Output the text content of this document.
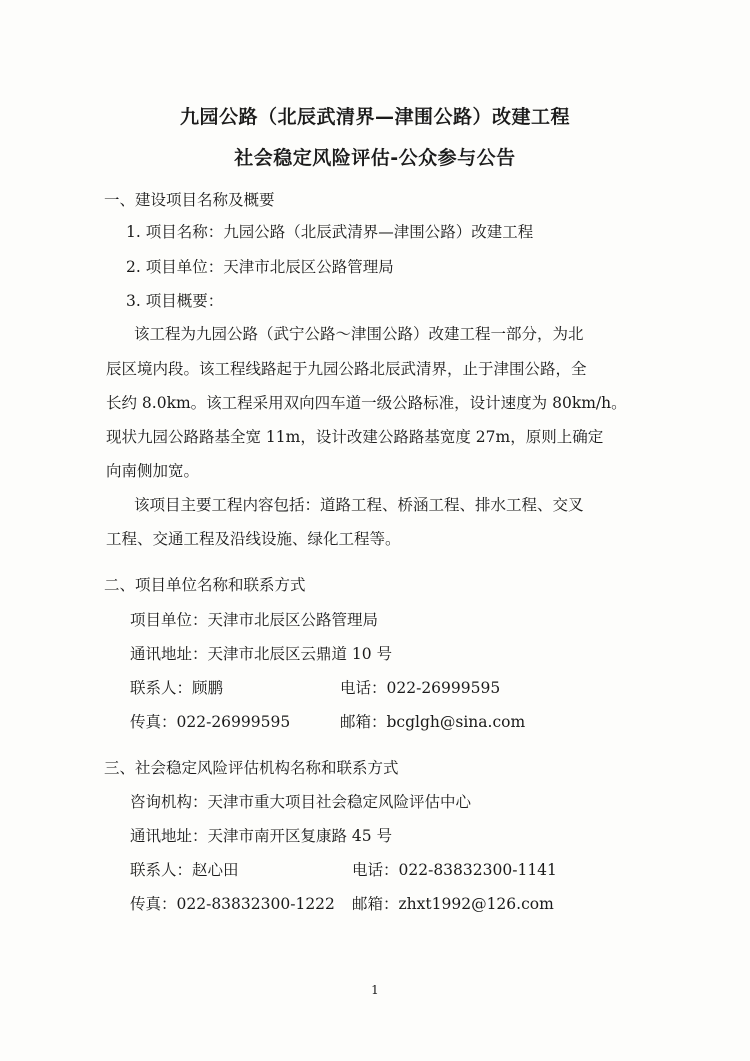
九园公路（北辰武清界—津围公路）改建工程
社会稳定风险评估-公众参与公告
一、建设项目名称及概要
1. 项目名称：九园公路（北辰武清界—津围公路）改建工程
2. 项目单位：天津市北辰区公路管理局
3. 项目概要：
该工程为九园公路（武宁公路～津围公路）改建工程一部分，为北
辰区境内段。该工程线路起于九园公路北辰武清界，止于津围公路，全
长约 8.0km。该工程采用双向四车道一级公路标准，设计速度为 80km/h。
现状九园公路路基全宽 11m，设计改建公路路基宽度 27m，原则上确定
向南侧加宽。
该项目主要工程内容包括：道路工程、桥涵工程、排水工程、交叉
工程、交通工程及沿线设施、绿化工程等。
二、项目单位名称和联系方式
项目单位：天津市北辰区公路管理局
通讯地址：天津市北辰区云鼎道 10 号
联系人：顾鹏	电话：022-26999595
传真：022-26999595	邮箱：bcglgh@sina.com
三、社会稳定风险评估机构名称和联系方式
咨询机构：天津市重大项目社会稳定风险评估中心
通讯地址：天津市南开区复康路 45 号
联系人：赵心田	电话：022-83832300-1141
传真：022-83832300-1222 邮箱：zhxt1992@126.com
1
